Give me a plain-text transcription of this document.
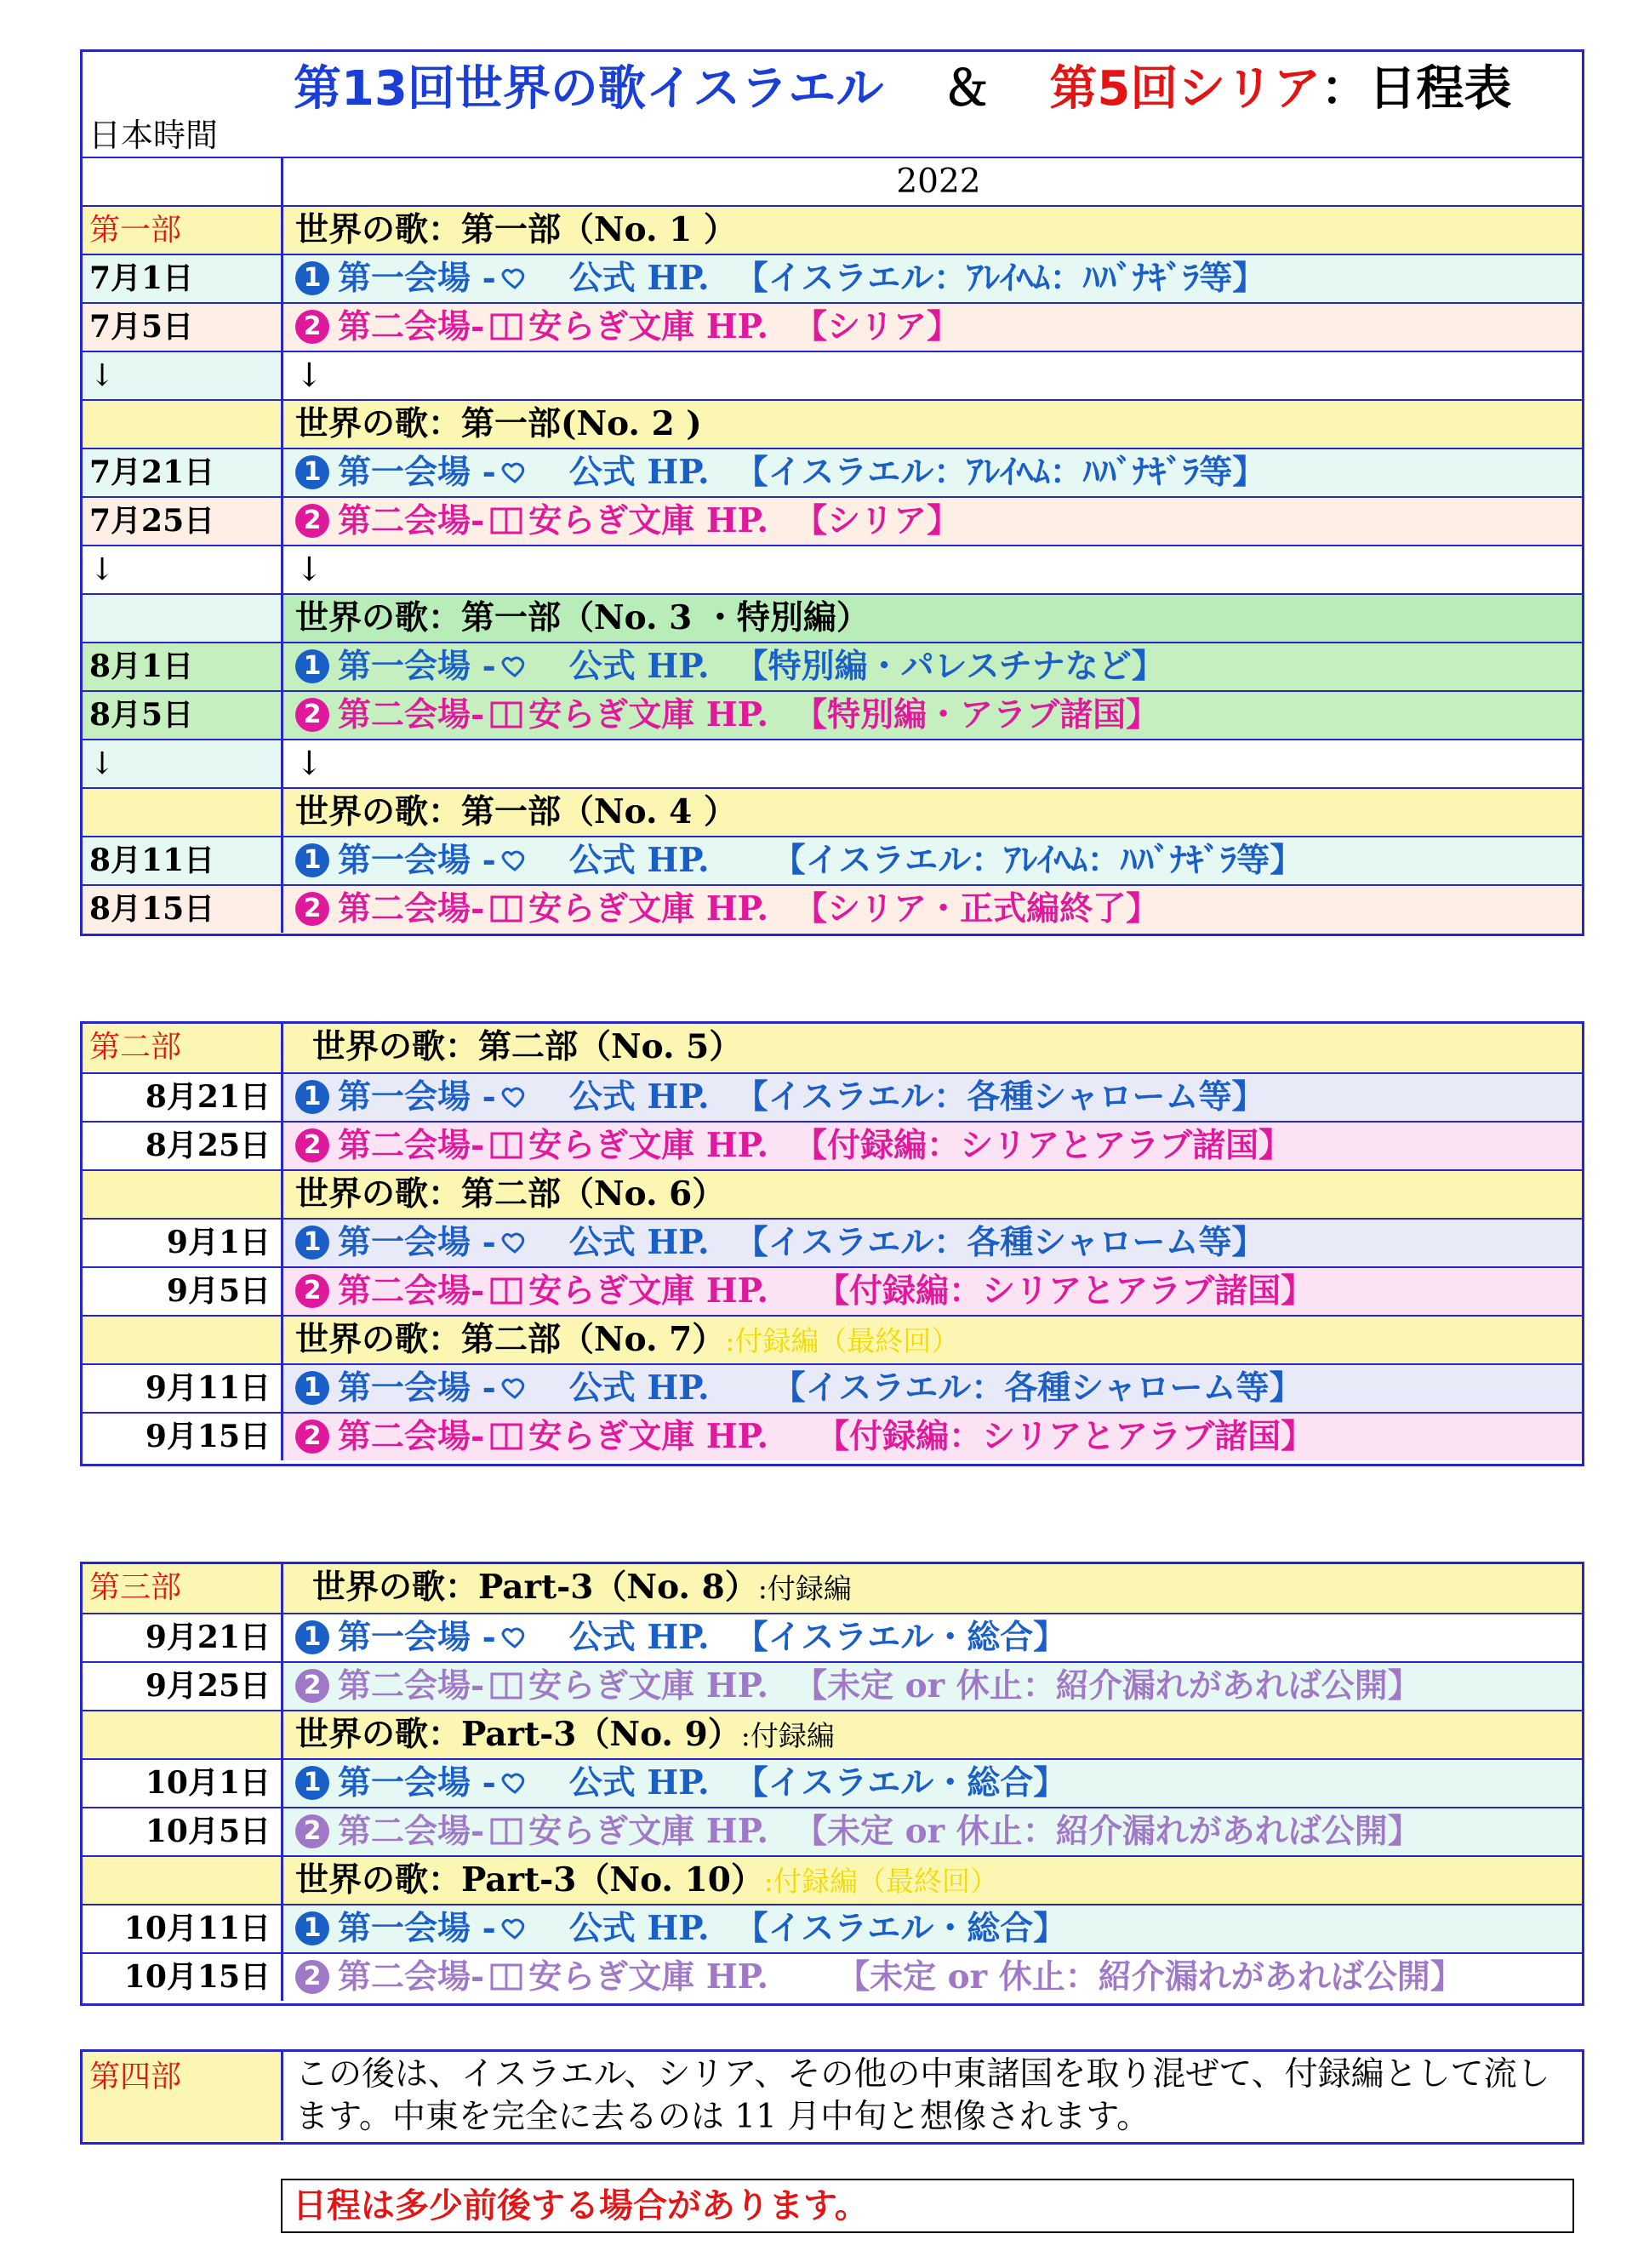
第13回世界の歌イスラエル ＆ 第5回シリア：日程表
日本時間
2022
第一部	世界の歌：第一部（No. 1 ）
7月1日	1 第一会場 - 公式 HP. 【イスラエル：ｱﾚｲﾍﾑ：ﾊﾊﾞﾅｷﾞﾗ等】
7月5日	2 第二会場- 安らぎ文庫 HP. 【シリア】
↓	↓
世界の歌：第一部(No. 2 )
7月21日	1 第一会場 - 公式 HP. 【イスラエル：ｱﾚｲﾍﾑ：ﾊﾊﾞﾅｷﾞﾗ等】
7月25日	2 第二会場- 安らぎ文庫 HP. 【シリア】
↓	↓
世界の歌：第一部（No. 3 ・特別編）
8月1日	1 第一会場 - 公式 HP. 【特別編・パレスチナなど】
8月5日	2 第二会場- 安らぎ文庫 HP. 【特別編・アラブ諸国】
↓	↓
世界の歌：第一部（No. 4 ）
8月11日	1 第一会場 - 公式 HP. 【イスラエル：ｱﾚｲﾍﾑ：ﾊﾊﾞﾅｷﾞﾗ等】
8月15日	2 第二会場- 安らぎ文庫 HP. 【シリア・正式編終了】
第二部	世界の歌：第二部（No. 5）
8月21日	1 第一会場 - 公式 HP. 【イスラエル：各種シャローム等】
8月25日	2 第二会場- 安らぎ文庫 HP. 【付録編：シリアとアラブ諸国】
世界の歌：第二部（No. 6）
9月1日	1 第一会場 - 公式 HP. 【イスラエル：各種シャローム等】
9月5日	2 第二会場- 安らぎ文庫 HP. 【付録編：シリアとアラブ諸国】
世界の歌：第二部（No. 7）:付録編（最終回）
9月11日	1 第一会場 - 公式 HP. 【イスラエル：各種シャローム等】
9月15日	2 第二会場- 安らぎ文庫 HP. 【付録編：シリアとアラブ諸国】
第三部	世界の歌：Part-3（No. 8）:付録編
9月21日	1 第一会場 - 公式 HP. 【イスラエル・総合】
9月25日	2 第二会場- 安らぎ文庫 HP. 【未定 or 休止：紹介漏れがあれば公開】
世界の歌：Part-3（No. 9）:付録編
10月1日	1 第一会場 - 公式 HP. 【イスラエル・総合】
10月5日	2 第二会場- 安らぎ文庫 HP. 【未定 or 休止：紹介漏れがあれば公開】
世界の歌：Part-3（No. 10）:付録編（最終回）
10月11日	1 第一会場 - 公式 HP. 【イスラエル・総合】
10月15日	2 第二会場- 安らぎ文庫 HP. 【未定 or 休止：紹介漏れがあれば公開】
第四部	この後は、イスラエル、シリア、その他の中東諸国を取り混ぜて、付録編として流します。中東を完全に去るのは 11 月中旬と想像されます。
日程は多少前後する場合があります。
